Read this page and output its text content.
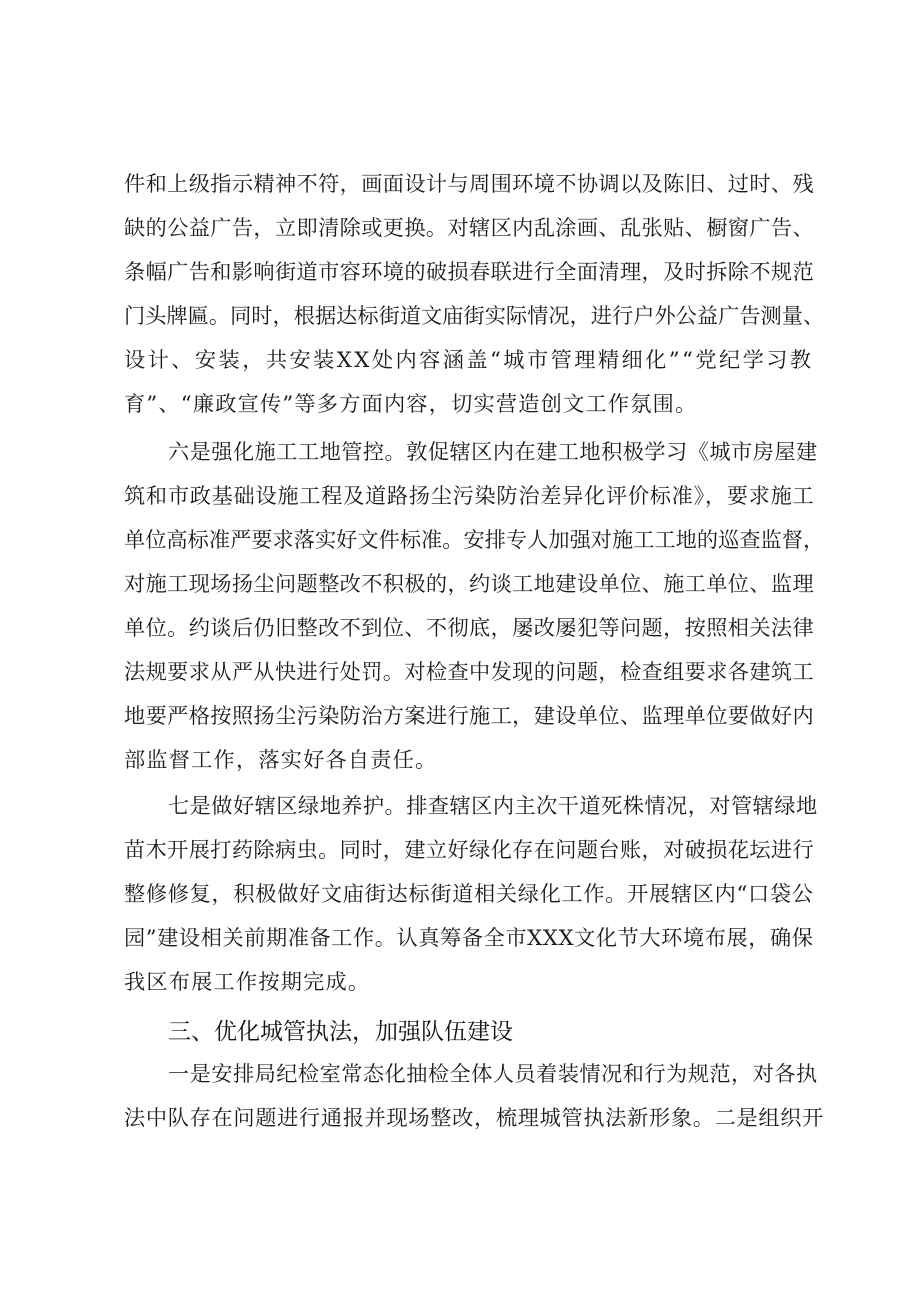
件和上级指示精神不符，画面设计与周围环境不协调以及陈旧、过时、残
缺的公益广告，立即清除或更换。对辖区内乱涂画、乱张贴、橱窗广告、
条幅广告和影响街道市容环境的破损春联进行全面清理，及时拆除不规范
门头牌匾。同时，根据达标街道文庙街实际情况，进行户外公益广告测量、
设计、安装，共安装XX处内容涵盖“城市管理精细化”“党纪学习教
育”、“廉政宣传”等多方面内容，切实营造创文工作氛围。
六是强化施工工地管控。敦促辖区内在建工地积极学习《城市房屋建
筑和市政基础设施工程及道路扬尘污染防治差异化评价标准》，要求施工
单位高标准严要求落实好文件标准。安排专人加强对施工工地的巡查监督，
对施工现场扬尘问题整改不积极的，约谈工地建设单位、施工单位、监理
单位。约谈后仍旧整改不到位、不彻底，屡改屡犯等问题，按照相关法律
法规要求从严从快进行处罚。对检查中发现的问题，检查组要求各建筑工
地要严格按照扬尘污染防治方案进行施工，建设单位、监理单位要做好内
部监督工作，落实好各自责任。
七是做好辖区绿地养护。排查辖区内主次干道死株情况，对管辖绿地
苗木开展打药除病虫。同时，建立好绿化存在问题台账，对破损花坛进行
整修修复，积极做好文庙街达标街道相关绿化工作。开展辖区内“口袋公
园”建设相关前期准备工作。认真筹备全市XXX文化节大环境布展，确保
我区布展工作按期完成。
三、优化城管执法，加强队伍建设
一是安排局纪检室常态化抽检全体人员着装情况和行为规范，对各执
法中队存在问题进行通报并现场整改，梳理城管执法新形象。二是组织开
